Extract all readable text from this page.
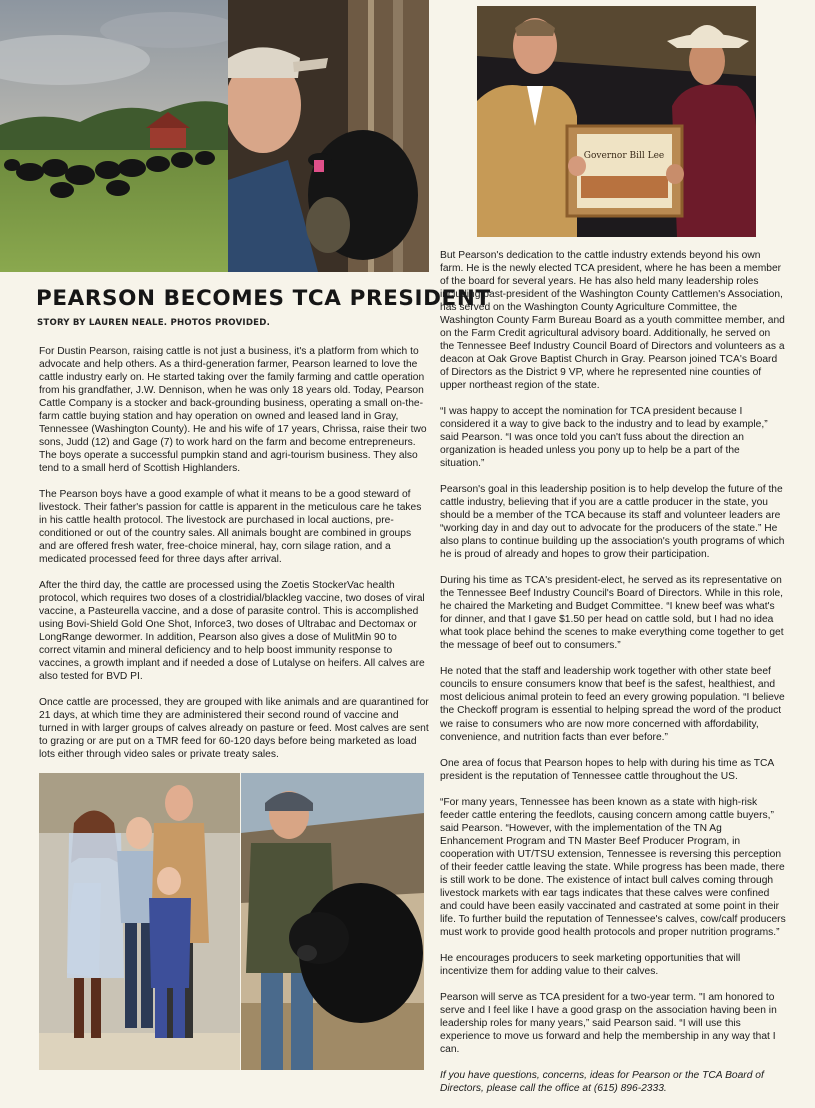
Governor Bill Lee
PEARSON BECOMES TCA PRESIDENT
STORY BY LAUREN NEALE. PHOTOS PROVIDED.

For Dustin Pearson, raising cattle is not just a business, it's a platform from which to advocate and help others. As a third-generation farmer, Pearson learned to love the cattle industry early on. He started taking over the family farming and cattle operation from his grandfather, J.W. Dennison, when he was only 18 years old. Today, Pearson Cattle Company is a stocker and back-grounding business, operating a small on-the-farm cattle buying station and hay operation on owned and leased land in Gray, Tennessee (Washington County). He and his wife of 17 years, Chrissa, raise their two sons, Judd (12) and Gage (7) to work hard on the farm and become entrepreneurs. The boys operate a successful pumpkin stand and agri-tourism business. They also tend to a small herd of Scottish Highlanders.

The Pearson boys have a good example of what it means to be a good steward of livestock. Their father's passion for cattle is apparent in the meticulous care he takes in his cattle health protocol. The livestock are purchased in local auctions, pre-conditioned or out of the country sales. All animals bought are combined in groups and are offered fresh water, free-choice mineral, hay, corn silage ration, and a medicated processed feed for three days after arrival.

After the third day, the cattle are processed using the Zoetis StockerVac health protocol, which requires two doses of a clostridial/blackleg vaccine, two doses of viral vaccine, a Pasteurella vaccine, and a dose of parasite control. This is accomplished using Bovi-Shield Gold One Shot, Inforce3, two doses of Ultrabac and Dectomax or LongRange dewormer. In addition, Pearson also gives a dose of MulitMin 90 to correct vitamin and mineral deficiency and to help boost immunity response to vaccines, a growth implant and if needed a dose of Lutalyse on heifers. All calves are also tested for BVD PI.

Once cattle are processed, they are grouped with like animals and are quarantined for 21 days, at which time they are administered their second round of vaccine and turned in with larger groups of calves already on pasture or feed. Most calves are sent to grazing or are put on a TMR feed for 60-120 days before being marketed as load lots either through video sales or private treaty sales.

But Pearson's dedication to the cattle industry extends beyond his own farm. He is the newly elected TCA president, where he has been a member of the board for several years. He has also held many leadership roles including past-president of the Washington County Cattlemen's Association, has served on the Washington County Agriculture Committee, the Washington County Farm Bureau Board as a youth committee member, and on the Farm Credit agricultural advisory board. Additionally, he served on the Tennessee Beef Industry Council Board of Directors and volunteers as a deacon at Oak Grove Baptist Church in Gray. Pearson joined TCA's Board of Directors as the District 9 VP, where he represented nine counties of upper northeast region of the state.

“I was happy to accept the nomination for TCA president because I considered it a way to give back to the industry and to lead by example,” said Pearson. “I was once told you can't fuss about the direction an organization is headed unless you pony up to help be a part of the situation.”

Pearson's goal in this leadership position is to help develop the future of the cattle industry, believing that if you are a cattle producer in the state, you should be a member of the TCA because its staff and volunteer leaders are “working day in and day out to advocate for the producers of the state.” He also plans to continue building up the association's youth programs of which he is proud of already and hopes to grow their participation.

During his time as TCA's president-elect, he served as its representative on the Tennessee Beef Industry Council's Board of Directors. While in this role, he chaired the Marketing and Budget Committee. “I knew beef was what's for dinner, and that I gave $1.50 per head on cattle sold, but I had no idea what took place behind the scenes to make everything come together to get the message of beef out to consumers.”

He noted that the staff and leadership work together with other state beef councils to ensure consumers know that beef is the safest, healthiest, and most delicious animal protein to feed an every growing population. “I believe the Checkoff program is essential to helping spread the word of the product we raise to consumers who are now more concerned with affordability, convenience, and nutrition facts than ever before.”

One area of focus that Pearson hopes to help with during his time as TCA president is the reputation of Tennessee cattle throughout the US.

“For many years, Tennessee has been known as a state with high-risk feeder cattle entering the feedlots, causing concern among cattle buyers,” said Pearson. “However, with the implementation of the TN Ag Enhancement Program and TN Master Beef Producer Program, in cooperation with UT/TSU extension, Tennessee is reversing this perception of their feeder cattle leaving the state. While progress has been made, there is still work to be done. The existence of intact bull calves coming through livestock markets with ear tags indicates that these calves were confined and could have been easily vaccinated and castrated at some point in their life. To further build the reputation of Tennessee's calves, cow/calf producers must work to provide good health protocols and proper nutrition programs.”

He encourages producers to seek marketing opportunities that will incentivize them for adding value to their calves.

Pearson will serve as TCA president for a two-year term. "I am honored to serve and I feel like I have a good grasp on the association having been in leadership roles for many years,” said Pearson said. “I will use this experience to move us forward and help the membership in any way that I can.

If you have questions, concerns, ideas for Pearson or the TCA Board of Directors, please call the office at (615) 896-2333.
